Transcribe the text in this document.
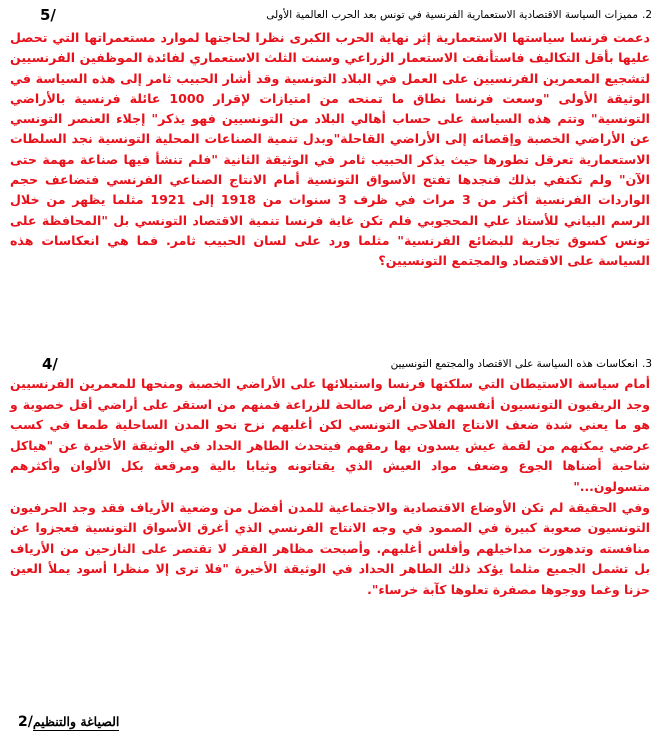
2.مميزات السياسة الاقتصادية الاستعمارية الفرنسية في تونس بعد الحرب العالمية الأولى
5/

دعمت فرنسا سياستها الاستعمارية إثر نهاية الحرب الكبرى نظرا لحاجتها لموارد مستعمراتها التي تحصل عليها بأقل التكاليف فاستأنفت الاستعمار الزراعي وسنت الثلث الاستعماري لفائدة الموظفين الفرنسيين لتشجيع المعمرين الفرنسيين على العمل في البلاد التونسية وقد أشار الحبيب ثامر إلى هذه السياسة في الوثيقة الأولى "وسعت فرنسا نطاق ما تمنحه من امتيازات لإقرار 1000 عائلة فرنسية بالأراضي التونسية" وتتم هذه السياسة على حساب أهالي البلاد من التونسيين فهو يذكر" إجلاء العنصر التونسي عن الأراضي الخصبة وإقصائه إلى الأراضي القاحلة"وبدل تنمية الصناعات المحلية التونسية نجد السلطات الاستعمارية تعرقل تطورها حيث يذكر الحبيب ثامر في الوثيقة الثانية "فلم تنشأ فيها صناعة مهمة حتى الآن" ولم تكتفي بذلك فنجدها تفتح الأسواق التونسية أمام الانتاج الصناعي الفرنسي فتضاعف حجم الواردات الفرنسية أكثر من 3 مرات في ظرف 3 سنوات من 1918 إلى 1921 مثلما يظهر من خلال الرسم البياني للأستاذ علي المحجوبي فلم تكن غاية فرنسا تنمية الاقتصاد التونسي بل "المحافظة على تونس كسوق تجارية للبضائع الفرنسية" مثلما ورد على لسان الحبيب ثامر. فما هي انعكاسات هذه السياسة على الاقتصاد والمجتمع التونسيين؟

3.انعكاسات هذه السياسة على الاقتصاد والمجتمع التونسيين
4/

أمام سياسة الاستيطان التي سلكتها فرنسا واستيلائها على الأراضي الخصبة ومنحها للمعمرين الفرنسيين وجد الريفيون التونسيون أنفسهم بدون أرض صالحة للزراعة فمنهم من استقر على أراضي أقل خصوبة و هو ما يعني شدة ضعف الانتاج الفلاحي التونسي لكن أغلبهم نزح نحو المدن الساحلية طمعا في كسب عرضي يمكنهم من لقمة عيش يسدون بها رمقهم فيتحدث الطاهر الحداد في الوثيقة الأخيرة عن "هياكل شاحبة أضناها الجوع وضعف مواد العيش الذي يقتاتونه وثيابا بالية ومرقعة بكل الألوان وأكثرهم متسولون..."

وفي الحقيقة لم تكن الأوضاع الاقتصادية والاجتماعية للمدن أفضل من وضعية الأرياف فقد وجد الحرفيون التونسيون صعوبة كبيرة في الصمود في وجه الانتاج الفرنسي الذي أغرق الأسواق التونسية فعجزوا عن منافسته وتدهورت مداخيلهم وأفلس أغلبهم. وأصبحت مظاهر الفقر لا تقتصر على النازحين من الأرياف بل تشمل الجميع مثلما يؤكد ذلك الطاهر الحداد في الوثيقة الأخيرة "فلا ترى إلا منظرا أسود يملأ العين حزنا وغما ووجوها مصفرة تعلوها كآبة خرساء".

الصياغة والتنظيم
2/
